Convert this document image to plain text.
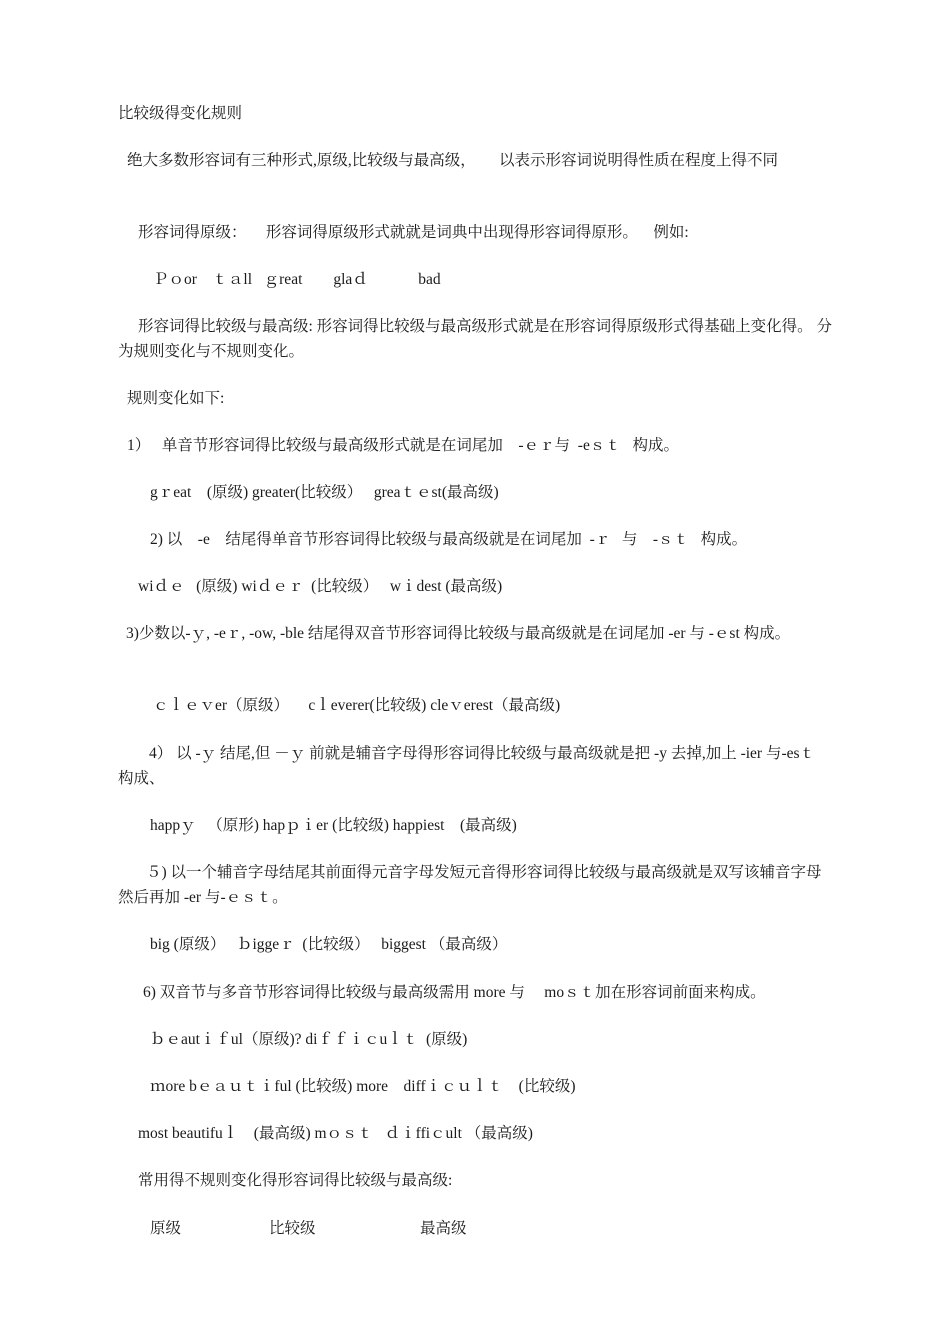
比较级得变化规则

绝大多数形容词有三种形式,原级,比较级与最高级，      以表示形容词说明得性质在程度上得不同

形容词得原级：     形容词得原级形式就就是词典中出现得形容词得原形。    例如:

Ｐｏor    ｔａll   ｇreat        glaｄ             bad

形容词得比较级与最高级: 形容词得比较级与最高级形式就是在形容词得原级形式得基础上变化得。 分为规则变化与不规则变化。

规则变化如下:

1）   单音节形容词得比较级与最高级形式就是在词尾加    -ｅｒ与  -eｓｔ   构成。

gｒeat    (原级) greater(比较级）   greaｔｅst(最高级)

2) 以    -e    结尾得单音节形容词得比较级与最高级就是在词尾加  -ｒ   与    -ｓｔ   构成。

wiｄｅ   (原级) wiｄｅｒ  (比较级）   wｉdest (最高级)

3)少数以-ｙ, -eｒ, -ow, -ble 结尾得双音节形容词得比较级与最高级就是在词尾加 -er 与 -ｅst 构成。

ｃｌｅｖer（原级）     cｌeverer(比较级) cleｖerest（最高级)

4） 以 -ｙ 结尾,但 －ｙ 前就是辅音字母得形容词得比较级与最高级就是把 -y 去掉,加上 -ier 与-esｔ 构成、

happｙ   （原形) hapｐｉer (比较级) happiest    (最高级)

５) 以一个辅音字母结尾其前面得元音字母发短元音得形容词得比较级与最高级就是双写该辅音字母然后再加 -er 与-ｅｓｔ。

big (原级）   ｂiggeｒ  (比较级）   biggest （最高级）

6) 双音节与多音节形容词得比较级与最高级需用 more 与     moｓｔ加在形容词前面来构成。

ｂｅautｉｆul（原级)? diｆｆｉｃuｌｔ  (原级)

ｍore bｅａｕｔｉful (比较级) more    diffｉｃｕｌｔ    (比较级)

most beautifuｌ    (最高级) mｏｓｔ   ｄｉffiｃult （最高级)

常用得不规则变化得形容词得比较级与最高级:

原级	比较级	最高级
